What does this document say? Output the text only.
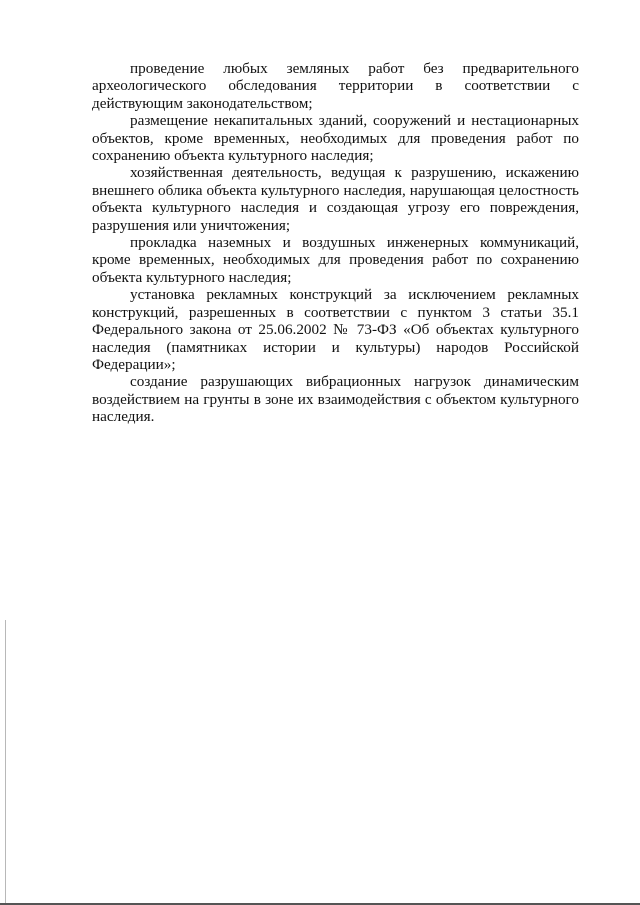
проведение любых земляных работ без предварительного археологического обследования территории в соответствии с действующим законодательством;

размещение некапитальных зданий, сооружений и нестационарных объектов, кроме временных, необходимых для проведения работ по сохранению объекта культурного наследия;

хозяйственная деятельность, ведущая к разрушению, искажению внешнего облика объекта культурного наследия, нарушающая целостность объекта культурного наследия и создающая угрозу его повреждения, разрушения или уничтожения;

прокладка наземных и воздушных инженерных коммуникаций, кроме временных, необходимых для проведения работ по сохранению объекта культурного наследия;

установка рекламных конструкций за исключением рекламных конструкций, разрешенных в соответствии с пунктом 3 статьи 35.1 Федерального закона от 25.06.2002 № 73-ФЗ «Об объектах культурного наследия (памятниках истории и культуры) народов Российской Федерации»;

создание разрушающих вибрационных нагрузок динамическим воздействием на грунты в зоне их взаимодействия с объектом культурного наследия.
